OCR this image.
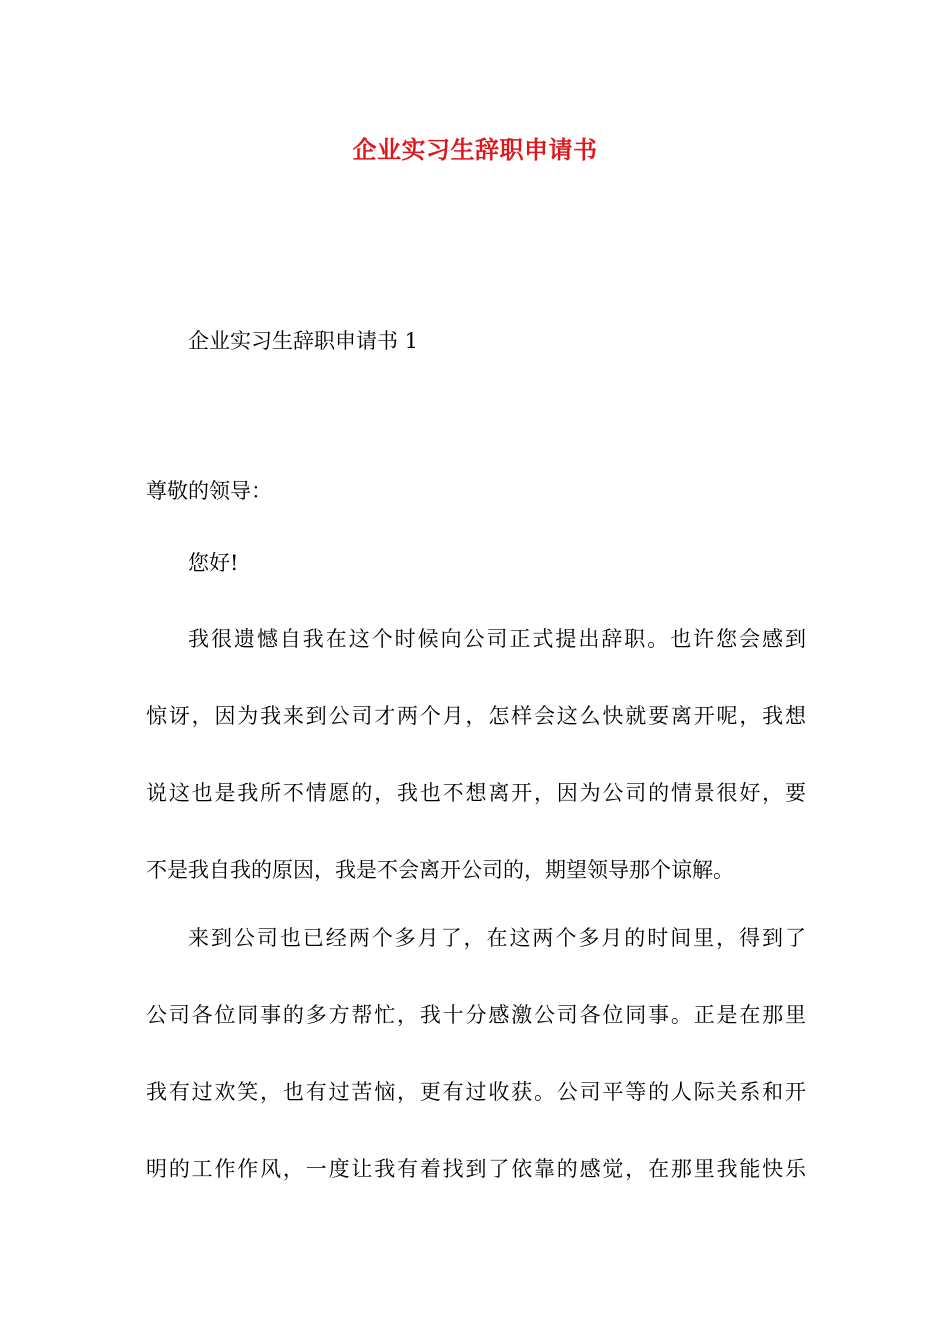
企业实习生辞职申请书
企业实习生辞职申请书 1
尊敬的领导：
您好!
我很遗憾自我在这个时候向公司正式提出辞职。也许您会感到
惊讶，因为我来到公司才两个月，怎样会这么快就要离开呢，我想
说这也是我所不情愿的，我也不想离开，因为公司的情景很好，要
不是我自我的原因，我是不会离开公司的，期望领导那个谅解。
来到公司也已经两个多月了，在这两个多月的时间里，得到了
公司各位同事的多方帮忙，我十分感激公司各位同事。正是在那里
我有过欢笑，也有过苦恼，更有过收获。公司平等的人际关系和开
明的工作作风，一度让我有着找到了依靠的感觉，在那里我能快乐
